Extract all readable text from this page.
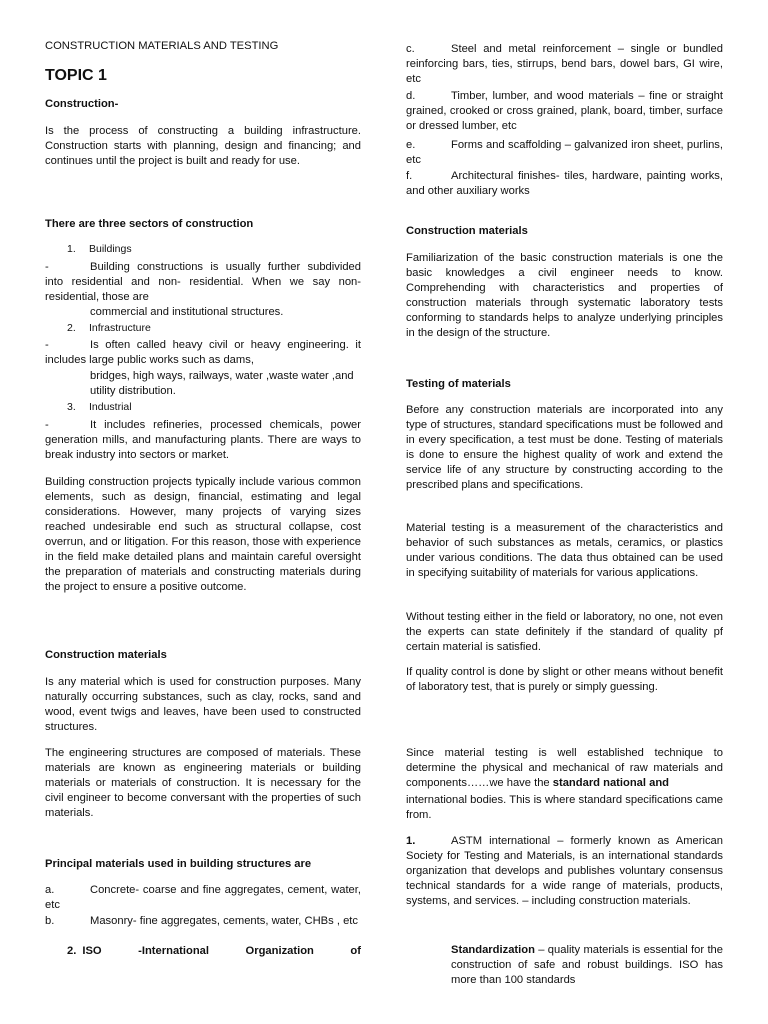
CONSTRUCTION MATERIALS AND TESTING

TOPIC 1

Construction-

Is the process of constructing a building infrastructure. Construction starts with planning, design and financing; and continues until the project is built and ready for use.

There are three sectors of construction

1. Buildings

-	Building constructions is usually further subdivided into residential and non- residential. When we say non- residential, those are

commercial and institutional structures.

2. Infrastructure

-	Is often called heavy civil or heavy engineering. it includes large public works such as dams,

bridges, high ways, railways, water ,waste water ,and utility distribution.

3. Industrial

-	It includes refineries, processed chemicals, power generation mills, and manufacturing plants. There are ways to break industry into sectors or market.

Building construction projects typically include various common elements, such as design, financial, estimating and legal considerations. However, many projects of varying sizes reached undesirable end such as structural collapse, cost overrun, and or litigation. For this reason, those with experience in the field make detailed plans and maintain careful oversight the preparation of materials and constructing materials during the project to ensure a positive outcome.

Construction materials

Is any material which is used for construction purposes. Many naturally occurring substances, such as clay, rocks, sand and wood, event twigs and leaves, have been used to constructed structures.

The engineering structures are composed of materials. These materials are known as engineering materials or building materials or materials of construction. It is necessary for the civil engineer to become conversant with the properties of such materials.

Principal materials used in building structures are

a.	Concrete- coarse and fine aggregates, cement, water, etc

b.	Masonry- fine aggregates, cements, water, CHBs , etc

2. ISO	-International	Organization	of

c.	Steel and metal reinforcement – single or bundled reinforcing bars, ties, stirrups, bend bars, dowel bars, GI wire, etc

d.	Timber, lumber, and wood materials – fine or straight grained, crooked or cross grained, plank, board, timber, surface or dressed lumber, etc

e.	Forms and scaffolding – galvanized iron sheet, purlins, etc

f.	Architectural finishes- tiles, hardware, painting works, and other auxiliary works

Construction materials

Familiarization of the basic construction materials is one the basic knowledges a civil engineer needs to know. Comprehending with characteristics and properties of construction materials through systematic laboratory tests conforming to standards helps to analyze underlying principles in the design of the structure.

Testing of materials

Before any construction materials are incorporated into any type of structures, standard specifications must be followed and in every specification, a test must be done. Testing of materials is done to ensure the highest quality of work and extend the service life of any structure by constructing according to the prescribed plans and specifications.

Material testing is a measurement of the characteristics and behavior of such substances as metals, ceramics, or plastics under various conditions. The data thus obtained can be used in specifying suitability of materials for various applications.

Without testing either in the field or laboratory, no one, not even the experts can state definitely if the standard of quality pf certain material is satisfied.

If quality control is done by slight or other means without benefit of laboratory test, that is purely or simply guessing.

Since material testing is well established technique to determine the physical and mechanical of raw materials and components……we have the standard national and

international bodies. This is where standard specifications came from.

1.	ASTM international – formerly known as American Society for Testing and Materials, is an international standards organization that develops and publishes voluntary consensus technical standards for a wide range of materials, products, systems, and services. – including construction materials.

Standardization – quality materials is essential for the construction of safe and robust buildings. ISO has more than 100 standards
